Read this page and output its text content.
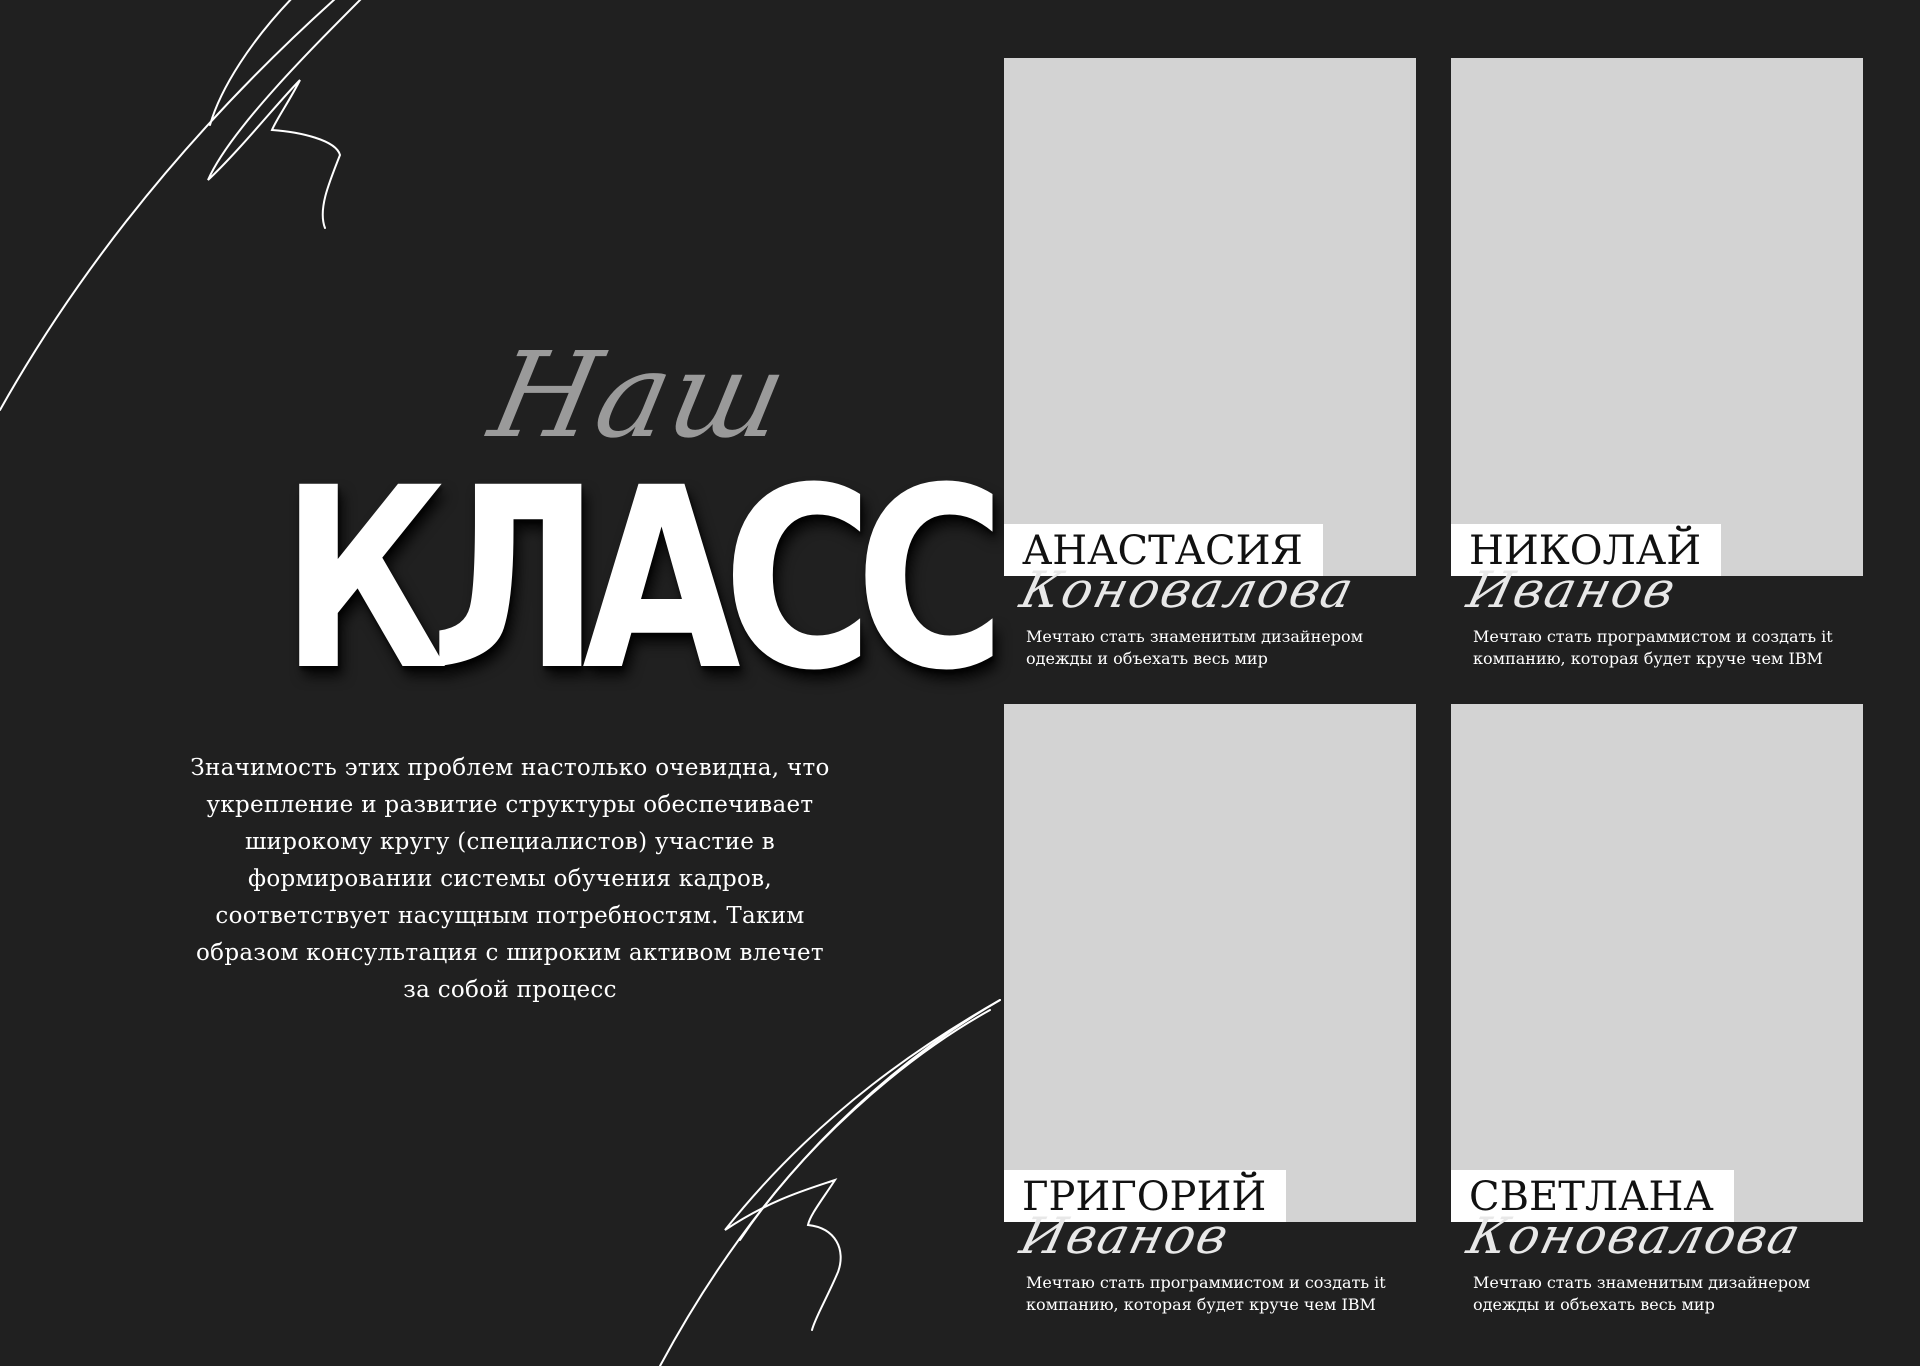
Наш
КЛАСС
Значимость этих проблем настолько очевидна, что укрепление и развитие структуры обеспечивает широкому кругу (специалистов) участие в формировании системы обучения кадров, соответствует насущным потребностям. Таким образом консультация с широким активом влечет за собой процесс
АНАСТАСИЯ
Коновалова
Мечтаю стать знаменитым дизайнером одежды и объехать весь мир
НИКОЛАЙ
Иванов
Мечтаю стать программистом и создать it компанию, которая будет круче чем IBM
ГРИГОРИЙ
Иванов
Мечтаю стать программистом и создать it компанию, которая будет круче чем IBM
СВЕТЛАНА
Коновалова
Мечтаю стать знаменитым дизайнером одежды и объехать весь мир
